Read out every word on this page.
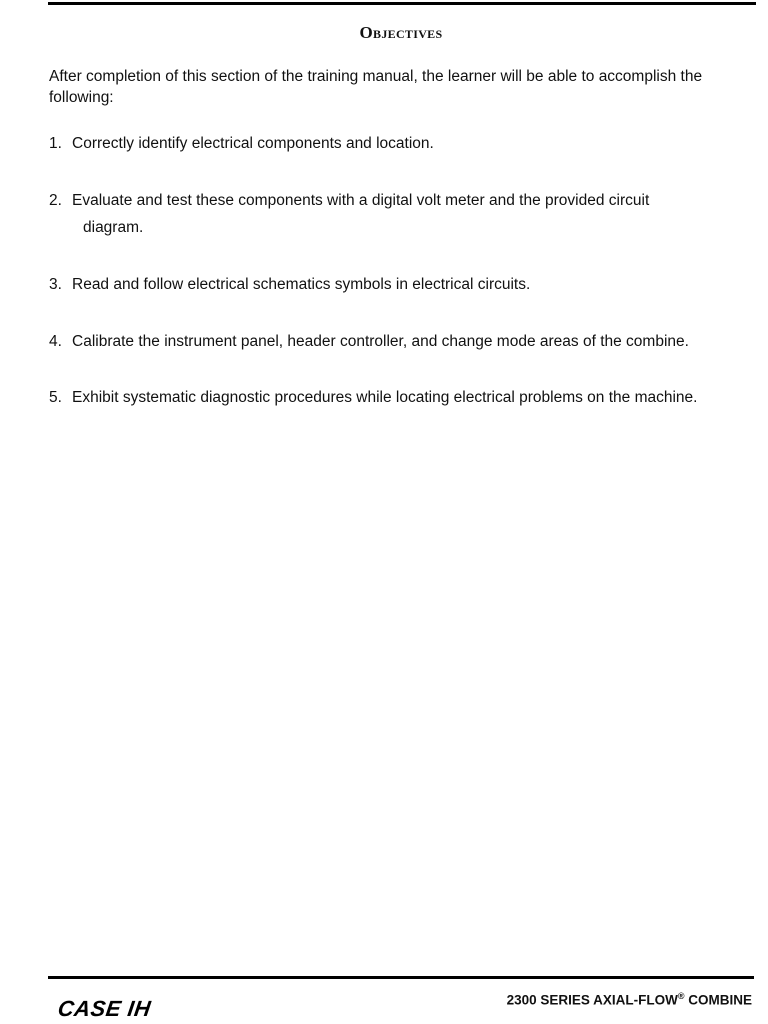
Objectives
After completion of this section of the training manual, the learner will be able to accomplish the following:
1. Correctly identify electrical components and location.
2. Evaluate and test these components with a digital volt meter and the provided circuit
diagram.
3. Read and follow electrical schematics symbols in electrical circuits.
4. Calibrate the instrument panel, header controller, and change mode areas of the combine.
5. Exhibit systematic diagnostic procedures while locating electrical problems on the machine.
CASE IH	2300 SERIES AXIAL-FLOW® COMBINE
